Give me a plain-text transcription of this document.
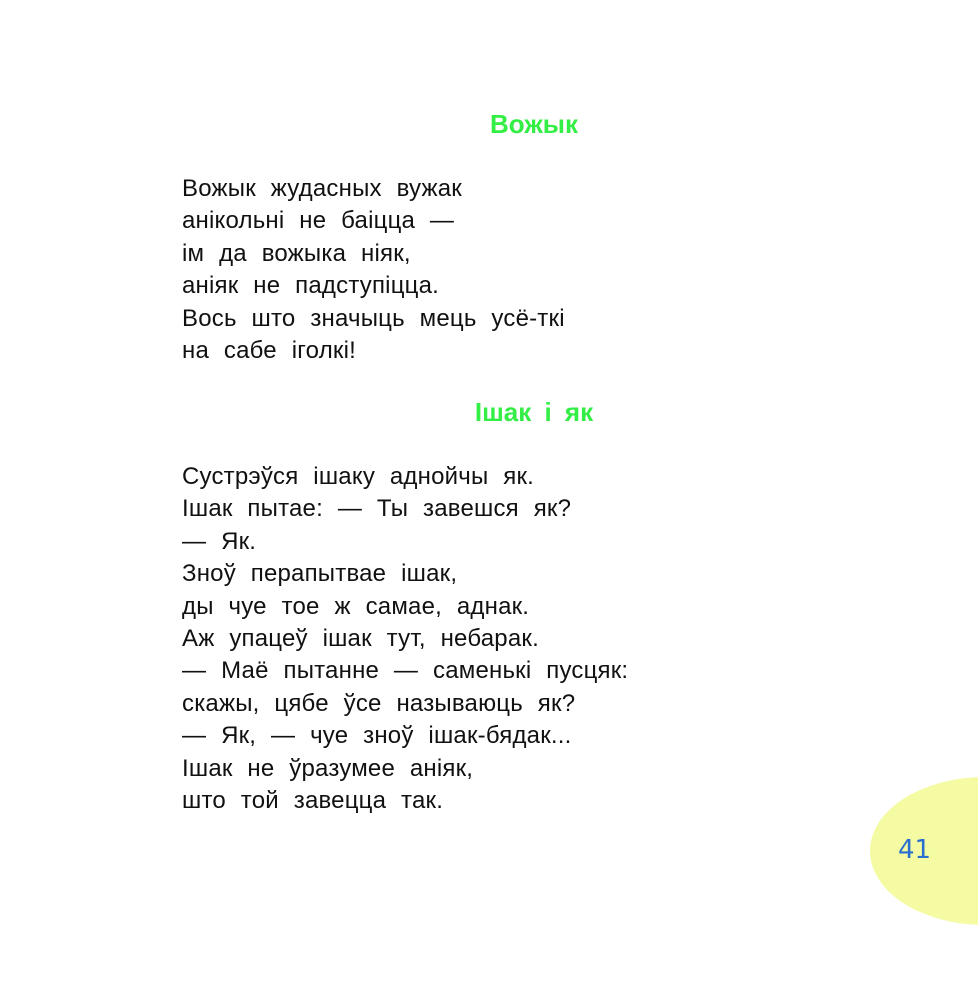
Вожык
Вожык жудасных вужак
анікольні не баіцца —
ім да вожыка ніяк,
аніяк не падступіцца.
Вось што значыць мець усё-ткі
на сабе іголкі!
Ішак і як
Сустрэўся ішаку аднойчы як.
Ішак пытае: — Ты завешся як?
— Як.
Зноў перапытвае ішак,
ды чуе тое ж самае, аднак.
Аж упацеў ішак тут, небарак.
— Маё пытанне — саменькі пусцяк:
скажы, цябе ўсе называюць як?
— Як, — чуе зноў ішак-бядак...
Ішак не ўразумее аніяк,
што той завецца так.
41
